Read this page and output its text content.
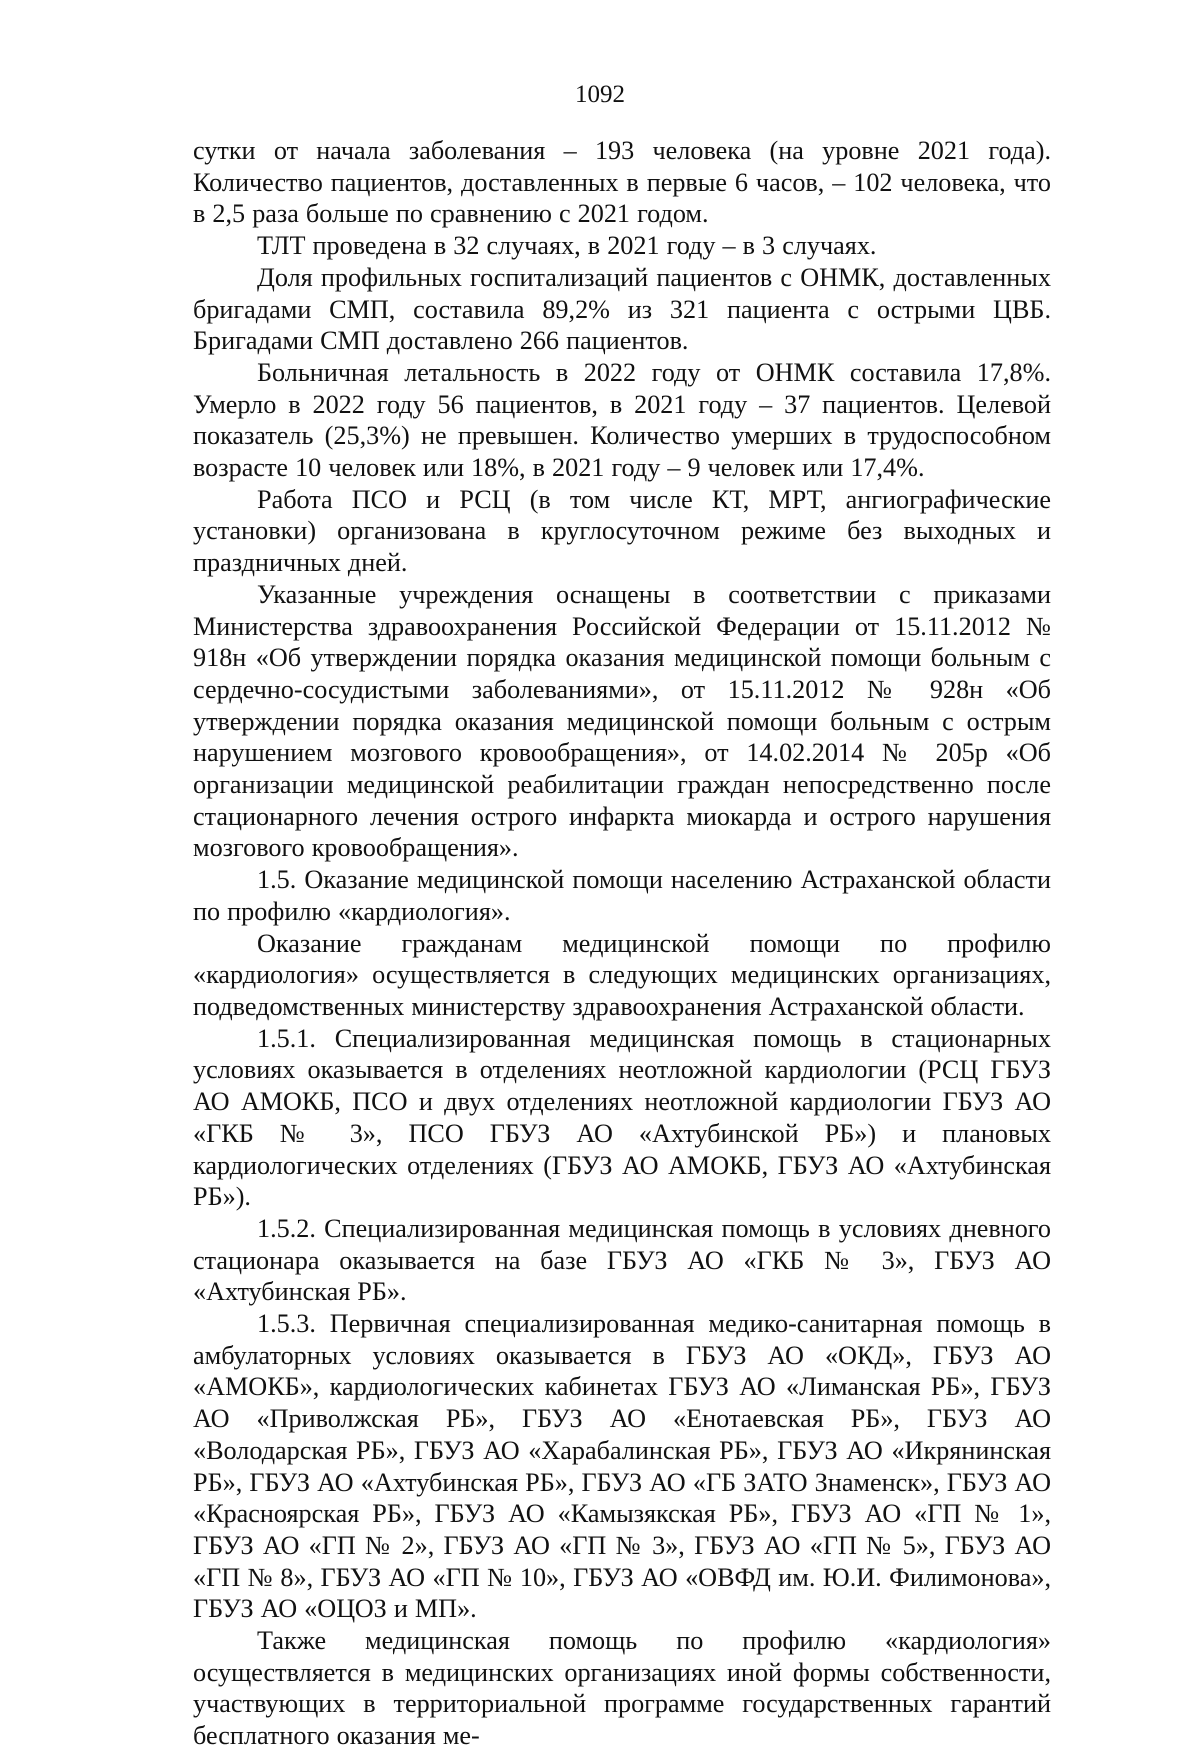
1092

сутки от начала заболевания – 193 человека (на уровне 2021 года). Количество пациентов, доставленных в первые 6 часов, – 102 человека, что в 2,5 раза больше по сравнению с 2021 годом.

ТЛТ проведена в 32 случаях, в 2021 году – в 3 случаях.

Доля профильных госпитализаций пациентов с ОНМК, доставленных бригадами СМП, составила 89,2% из 321 пациента с острыми ЦВБ. Бригадами СМП доставлено 266 пациентов.

Больничная летальность в 2022 году от ОНМК составила 17,8%. Умерло в 2022 году 56 пациентов, в 2021 году – 37 пациентов. Целевой показатель (25,3%) не превышен. Количество умерших в трудоспособном возрасте 10 человек или 18%, в 2021 году – 9 человек или 17,4%.

Работа ПСО и РСЦ (в том числе КТ, МРТ, ангиографические установки) организована в круглосуточном режиме без выходных и праздничных дней.

Указанные учреждения оснащены в соответствии с приказами Министерства здравоохранения Российской Федерации от 15.11.2012 № 918н «Об утверждении порядка оказания медицинской помощи больным с сердечно-сосудистыми заболеваниями», от 15.11.2012 № 928н «Об утверждении порядка оказания медицинской помощи больным с острым нарушением мозгового кровообращения», от 14.02.2014 № 205р «Об организации медицинской реабилитации граждан непосредственно после стационарного лечения острого инфаркта миокарда и острого нарушения мозгового кровообращения».

1.5. Оказание медицинской помощи населению Астраханской области по профилю «кардиология».

Оказание гражданам медицинской помощи по профилю «кардиология» осуществляется в следующих медицинских организациях, подведомственных министерству здравоохранения Астраханской области.

1.5.1. Специализированная медицинская помощь в стационарных условиях оказывается в отделениях неотложной кардиологии (РСЦ ГБУЗ АО АМОКБ, ПСО и двух отделениях неотложной кардиологии ГБУЗ АО «ГКБ № 3», ПСО ГБУЗ АО «Ахтубинской РБ») и плановых кардиологических отделениях (ГБУЗ АО АМОКБ, ГБУЗ АО «Ахтубинская РБ»).

1.5.2. Специализированная медицинская помощь в условиях дневного стационара оказывается на базе ГБУЗ АО «ГКБ № 3», ГБУЗ АО «Ахтубинская РБ».

1.5.3. Первичная специализированная медико-санитарная помощь в амбулаторных условиях оказывается в ГБУЗ АО «ОКД», ГБУЗ АО «АМОКБ», кардиологических кабинетах ГБУЗ АО «Лиманская РБ», ГБУЗ АО «Приволжская РБ», ГБУЗ АО «Енотаевская РБ», ГБУЗ АО «Володарская РБ», ГБУЗ АО «Харабалинская РБ», ГБУЗ АО «Икрянинская РБ», ГБУЗ АО «Ахтубинская РБ», ГБУЗ АО «ГБ ЗАТО Знаменск», ГБУЗ АО «Красноярская РБ», ГБУЗ АО «Камызякская РБ», ГБУЗ АО «ГП № 1», ГБУЗ АО «ГП № 2», ГБУЗ АО «ГП № 3», ГБУЗ АО «ГП № 5», ГБУЗ АО «ГП № 8», ГБУЗ АО «ГП № 10», ГБУЗ АО «ОВФД им. Ю.И. Филимонова», ГБУЗ АО «ОЦОЗ и МП».

Также медицинская помощь по профилю «кардиология» осуществляется в медицинских организациях иной формы собственности, участвующих в территориальной программе государственных гарантий бесплатного оказания ме-
